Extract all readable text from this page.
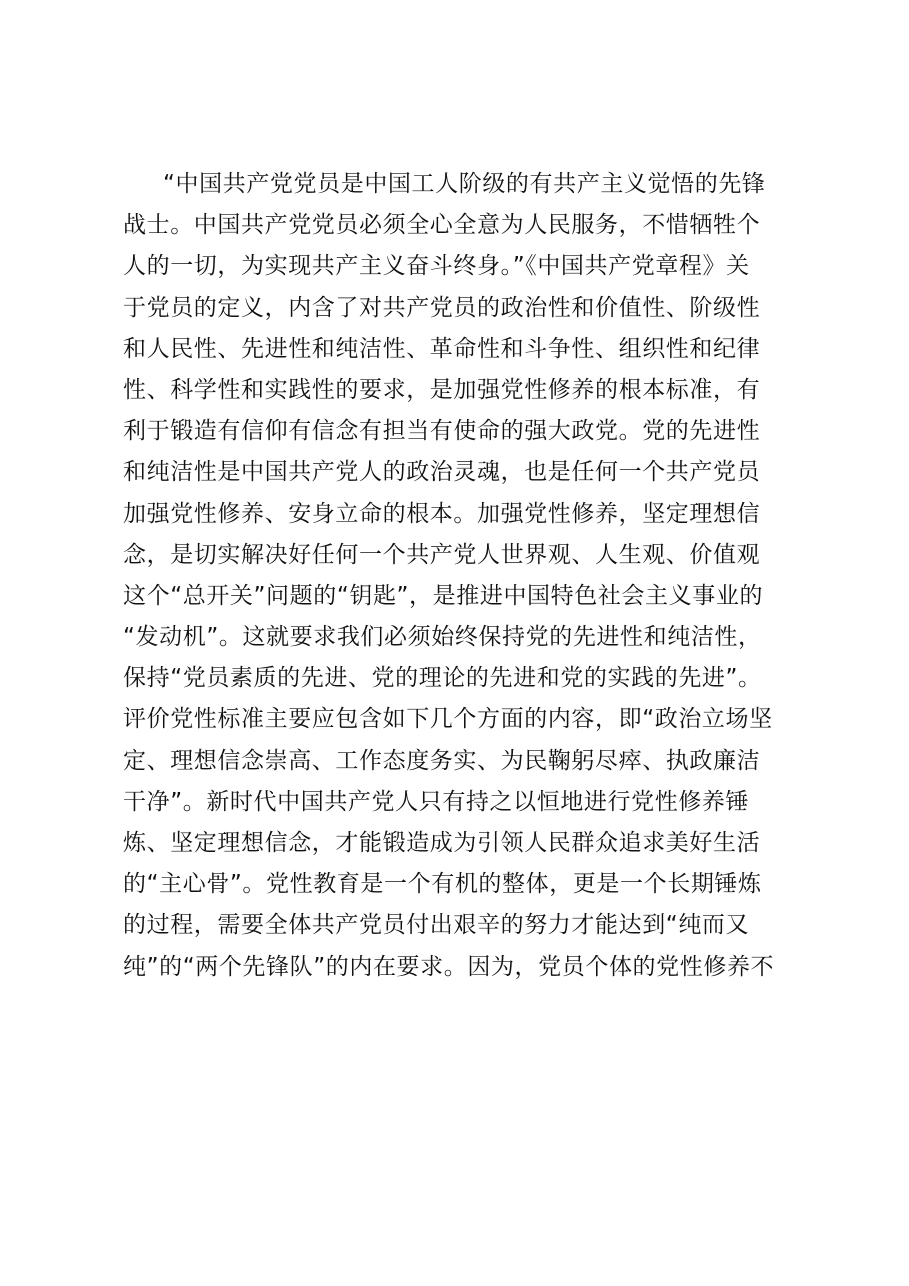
“中国共产党党员是中国工人阶级的有共产主义觉悟的先锋
战士。中国共产党党员必须全心全意为人民服务，不惜牺牲个
人的一切，为实现共产主义奋斗终身。”《中国共产党章程》关
于党员的定义，内含了对共产党员的政治性和价值性、阶级性
和人民性、先进性和纯洁性、革命性和斗争性、组织性和纪律
性、科学性和实践性的要求，是加强党性修养的根本标准，有
利于锻造有信仰有信念有担当有使命的强大政党。党的先进性
和纯洁性是中国共产党人的政治灵魂，也是任何一个共产党员
加强党性修养、安身立命的根本。加强党性修养，坚定理想信
念，是切实解决好任何一个共产党人世界观、人生观、价值观
这个“总开关”问题的“钥匙”，是推进中国特色社会主义事业的
“发动机”。这就要求我们必须始终保持党的先进性和纯洁性，
保持“党员素质的先进、党的理论的先进和党的实践的先进”。
评价党性标准主要应包含如下几个方面的内容，即“政治立场坚
定、理想信念崇高、工作态度务实、为民鞠躬尽瘁、执政廉洁
干净”。新时代中国共产党人只有持之以恒地进行党性修养锤
炼、坚定理想信念，才能锻造成为引领人民群众追求美好生活
的“主心骨”。党性教育是一个有机的整体，更是一个长期锤炼
的过程，需要全体共产党员付出艰辛的努力才能达到“纯而又
纯”的“两个先锋队”的内在要求。因为，党员个体的党性修养不
